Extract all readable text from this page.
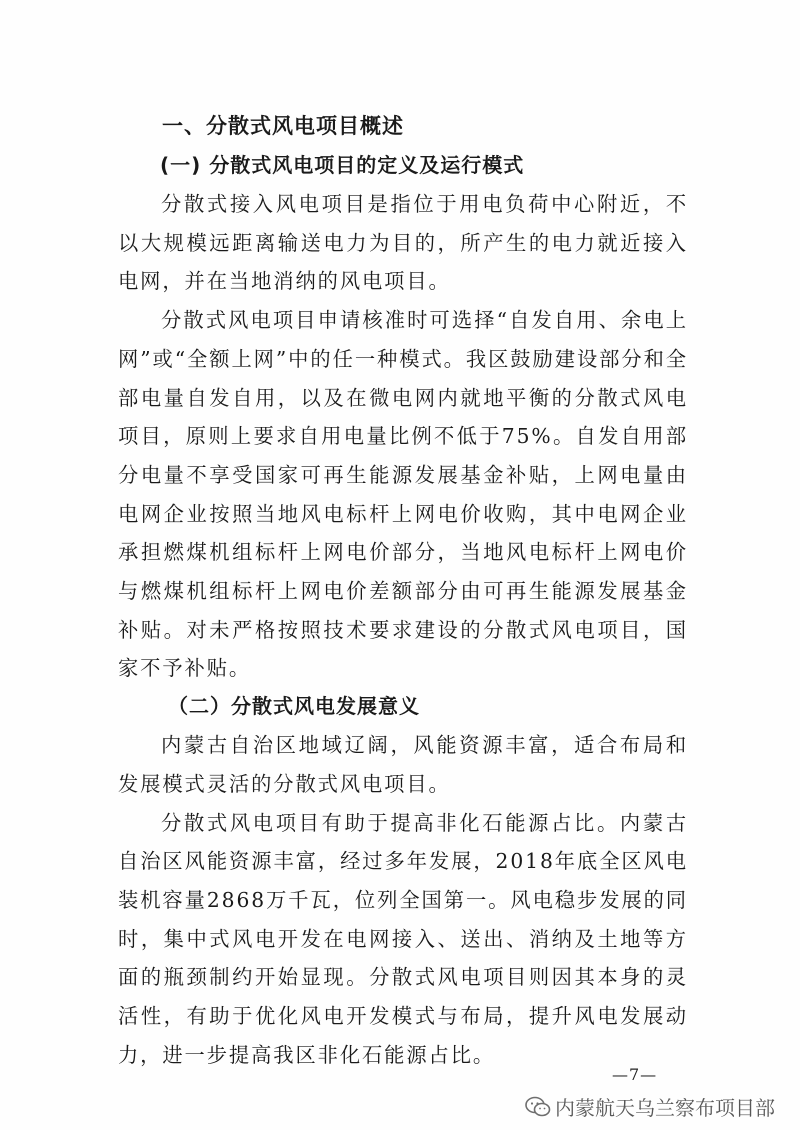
一、分散式风电项目概述
(一) 分散式风电项目的定义及运行模式

分散式接入风电项目是指位于用电负荷中心附近，不以大规模远距离输送电力为目的，所产生的电力就近接入电网，并在当地消纳的风电项目。

分散式风电项目申请核准时可选择“自发自用、余电上网”或“全额上网”中的任一种模式。我区鼓励建设部分和全部电量自发自用，以及在微电网内就地平衡的分散式风电项目，原则上要求自用电量比例不低于75%。自发自用部分电量不享受国家可再生能源发展基金补贴，上网电量由电网企业按照当地风电标杆上网电价收购，其中电网企业承担燃煤机组标杆上网电价部分，当地风电标杆上网电价与燃煤机组标杆上网电价差额部分由可再生能源发展基金补贴。对未严格按照技术要求建设的分散式风电项目，国家不予补贴。

（二）分散式风电发展意义

内蒙古自治区地域辽阔，风能资源丰富，适合布局和发展模式灵活的分散式风电项目。

分散式风电项目有助于提高非化石能源占比。内蒙古自治区风能资源丰富，经过多年发展，2018年底全区风电装机容量2868万千瓦，位列全国第一。风电稳步发展的同时，集中式风电开发在电网接入、送出、消纳及土地等方面的瓶颈制约开始显现。分散式风电项目则因其本身的灵活性，有助于优化风电开发模式与布局，提升风电发展动力，进一步提高我区非化石能源占比。

—7—
内蒙航天乌兰察布项目部
